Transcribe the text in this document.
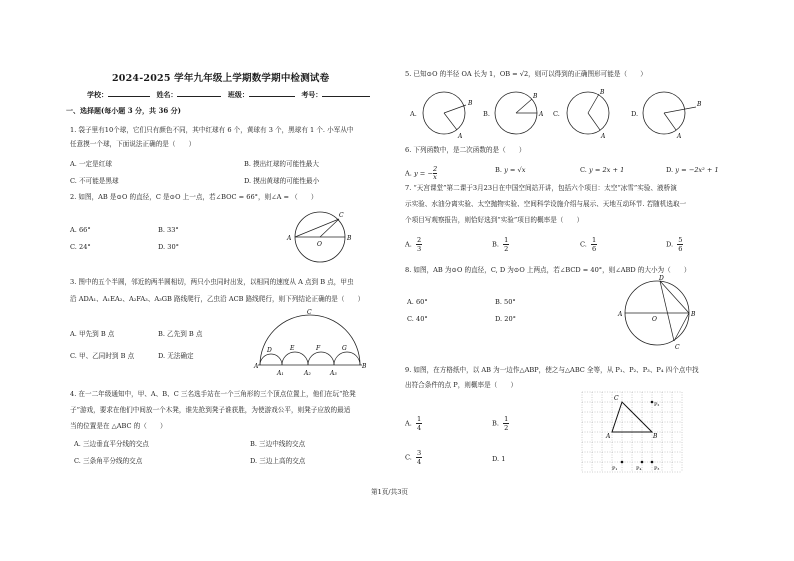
2024-2025 学年九年级上学期数学期中检测试卷
学校：	姓名：	班级：	考号：
一、选择题(每小题 3 分，共 36 分)
1. 袋子里有10个球，它们只有颜色不同，其中红球有 6 个，黄球有 3 个，黑球有 1 个. 小军从中
任意摸一个球，下面说法正确的是（　　）
A. 一定是红球	B. 摸出红球的可能性最大
C. 不可能是黑球	D. 摸出黄球的可能性最小
2. 如图，AB 是⊙O 的直径，C 是⊙O 上一点，若∠BOC = 66°，则∠A = （　　）
A. 66°	B. 33°
C. 24°	D. 30°
A	B
C
O
3. 图中的五个半圆，邻近的两半圆相切，两只小虫同时出发，以相同的速度从 A 点到 B 点，甲虫
沿 ADA₁、A₁EA₂、A₂FA₃、A₃GB 路线爬行，乙虫沿 ACB 路线爬行，则下列结论正确的是（　　）
A. 甲先到 B 点	B. 乙先到 B 点
C. 甲、乙同时到 B 点	D. 无法确定
A	B
C
D	E	F	G
A₁	A₂	A₃
4. 在一二年级通知中，甲、A、B、C 三名选手站在一个三角形的三个顶点位置上，他们在玩“抢凳
子”游戏，要求在他们中间放一个木凳，谁先抢到凳子谁获胜，为使游戏公平，则凳子应放的最适
当的位置是在 △ABC 的（　　）
A. 三边垂直平分线的交点	B. 三边中线的交点
C. 三条角平分线的交点	D. 三边上高的交点
5. 已知⊙O 的半径 OA 长为 1，OB = √2，则可以得到的正确图形可能是（　　）
A.	B.	C.	D.
A
B
A
B
A
B
A
B
6. 下列函数中，是二次函数的是（　　）
A. y = − $\frac{2}{x}$	B. y = √x	C. y = 2x + 1	D. y = −2x² + 1
7. “天宫课堂”第二课于3月23日在中国空间站开讲，包括六个项目：太空“冰雪”实验、液桥演
示实验、水油分离实验、太空抛物实验、空间科学设施介绍与展示、天地互动环节. 若随机选取一
个项目写观察报告，则恰好选到“实验”项目的概率是（　　）
A. $\frac{2}{3}$	B. $\frac{1}{2}$	C. $\frac{1}{6}$	D. $\frac{5}{6}$
8. 如图，AB 为⊙O 的直径，C, D 为⊙O 上两点，若∠BCD = 40°，则∠ABD 的大小为（　　）
A. 60°	B. 50°
C. 40°	D. 20°
A	B
D
C
O
9. 如图，在方格纸中，以 AB 为一边作△ABP，使之与△ABC 全等，从 P₁、P₂、P₃、P₄ 四个点中找
出符合条件的点 P，则概率是（　　）
A. $\frac{1}{4}$	B. $\frac{1}{2}$
C. $\frac{3}{4}$	D. 1
C
A	B
P₂
P₃
P₁	P₄
第1页/共3页
